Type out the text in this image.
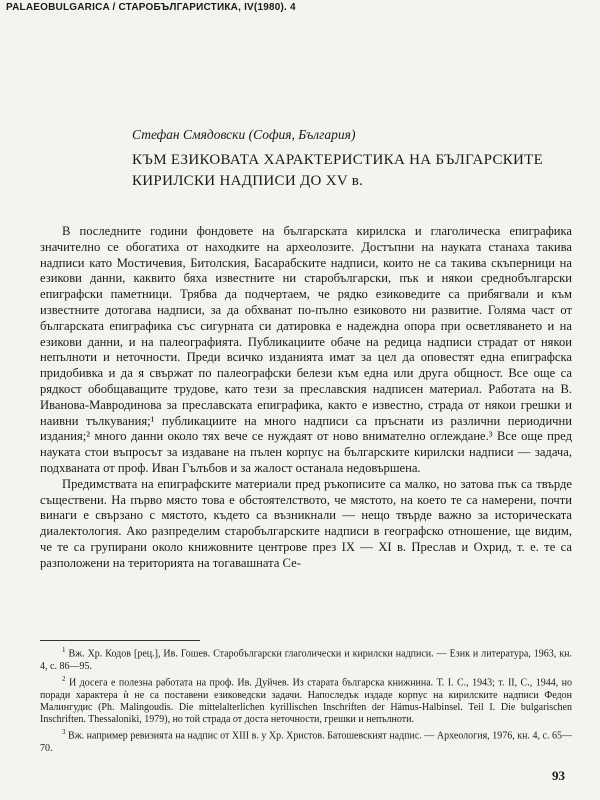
PALAEOBULGARICA / СТАРОБЪЛГАРИСТИКА, IV(1980). 4
Стефан Смядовски (София, България)
КЪМ ЕЗИКОВАТА ХАРАКТЕРИСТИКА НА БЪЛГАРСКИТЕ
КИРИЛСКИ НАДПИСИ ДО XV в.

В последните години фондовете на българската кирилска и глаголическа епиграфика значително се обогатиха от находките на археолозите. Достъпни на науката станаха такива надписи като Мостичевия, Битолския, Басарабските надписи, които не са такива скъперници на езикови данни, каквито бяха известните ни старобългарски, пък и някои среднобългарски епиграфски паметници. Трябва да подчертаем, че рядко езиковедите са прибягвали и към известните дотогава надписи, за да обхванат по-пълно езиковото ни развитие. Голяма част от българската епиграфика със сигурната си датировка е надеждна опора при осветляването и на езикови данни, и на палеографията. Публикациите обаче на редица надписи страдат от някои непълноти и неточности. Преди всичко изданията имат за цел да оповестят една епиграфска придобивка и да я свържат по палеографски белези към една или друга общност. Все още са рядкост обобщаващите трудове, като тези за преславския надписен материал. Работата на В. Иванова-Мавродинова за преславската епиграфика, както е известно, страда от някои грешки и наивни тълкувания;¹ публикациите на много надписи са пръснати из различни периодични издания;² много данни около тях вече се нуждаят от ново внимателно оглеждане.³ Все още пред науката стои въпросът за издаване на пълен корпус на българските кирилски надписи — задача, подхваната от проф. Иван Гълъбов и за жалост останала недовършена.

Предимствата на епиграфските материали пред ръкописите са малко, но затова пък са твърде съществени. На първо място това е обстоятелството, че мястото, на което те са намерени, почти винаги е свързано с мястото, където са възникнали — нещо твърде важно за историческата диалектология. Ако разпределим старобългарските надписи в географско отношение, ще видим, че те са групирани около книжовните центрове през IX — XI в. Преслав и Охрид, т. е. те са разположени на територията на тогавашната Се-

$^1$ Вж. Хр. Кодов [рец.], Ив. Гошев. Старобългарски глаголически и кирилски надписи. — Език и литература, 1963, кн. 4, с. 86—95.

$^2$ И досега е полезна работата на проф. Ив. Дуйчев. Из старата българска книжнина. Т. I. С., 1943; т. II, С., 1944, но поради характера ѝ не са поставени езиковедски задачи. Напоследък издаде корпус на кирилските надписи Федон Малингудис (Ph. Malingoudis. Die mittelalterlichen kyrillischen Inschriften der Hämus-Halbinsel. Teil I. Die bulgarischen Inschriften. Thessaloniki, 1979), но той страда от доста неточности, грешки и непълноти.

$^3$ Вж. например ревизията на надпис от XIII в. у Хр. Христов. Батошевският надпис. — Археология, 1976, кн. 4, с. 65—70.

93
